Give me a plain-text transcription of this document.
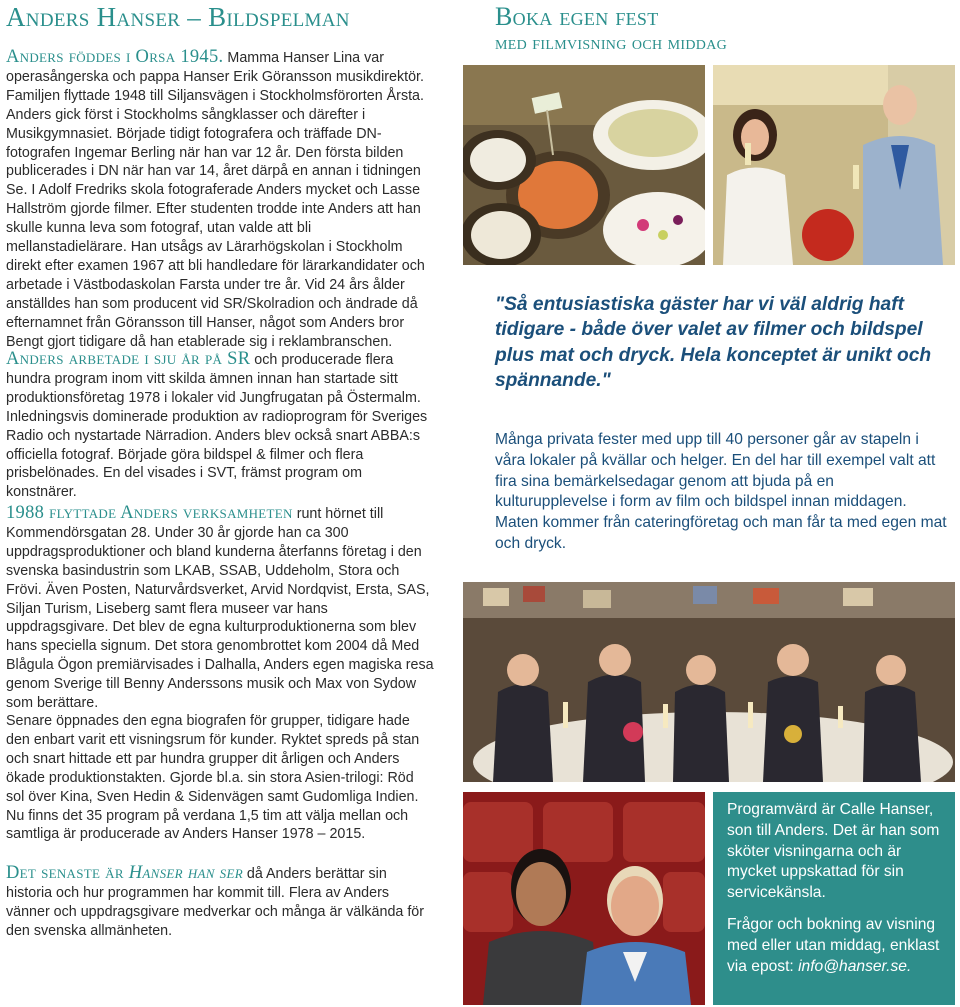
Anders Hanser – Bildspelman

Anders föddes i Orsa 1945. Mamma Hanser Lina var operasångerska och pappa Hanser Erik Göransson musikdirektör. Familjen flyttade 1948 till Siljansvägen i Stockholmsförorten Årsta. Anders gick först i Stockholms sångklasser och därefter i Musikgymnasiet. Började tidigt fotografera och träffade DN-fotografen Ingemar Berling när han var 12 år. Den första bilden publicerades i DN när han var 14, året därpå en annan i tidningen Se. I Adolf Fredriks skola fotograferade Anders mycket och Lasse Hallström gjorde filmer. Efter studenten trodde inte Anders att han skulle kunna leva som fotograf, utan valde att bli mellanstadielärare. Han utsågs av Lärarhögskolan i Stockholm direkt efter examen 1967 att bli handledare för lärarkandidater och arbetade i Västbodaskolan Farsta under tre år. Vid 24 års ålder anställdes han som producent vid SR/Skolradion och ändrade då efternamnet från Göransson till Hanser, något som Anders bror Bengt gjort tidigare då han etablerade sig i reklambranschen.

Anders arbetade i sju år på SR och producerade flera hundra program inom vitt skilda ämnen innan han startade sitt produktionsföretag 1978 i lokaler vid Jungfrugatan på Östermalm. Inledningsvis dominerade produktion av radioprogram för Sveriges Radio och nystartade Närradion. Anders blev också snart ABBA:s officiella fotograf. Började göra bildspel & filmer och flera prisbelönades. En del visades i SVT, främst program om konstnärer.

1988 flyttade Anders verksamheten runt hörnet till Kommendörsgatan 28. Under 30 år gjorde han ca 300 uppdragsproduktioner och bland kunderna återfanns företag i den svenska basindustrin som LKAB, SSAB, Uddeholm, Stora och Frövi. Även Posten, Naturvårdsverket, Arvid Nordqvist, Ersta, SAS, Siljan Turism, Liseberg samt flera museer var hans uppdragsgivare. Det blev de egna kulturproduktionerna som blev hans speciella signum. Det stora genombrottet kom 2004 då Med Blågula Ögon premiärvisades i Dalhalla, Anders egen magiska resa genom Sverige till Benny Anderssons musik och Max von Sydow som berättare.

Senare öppnades den egna biografen för grupper, tidigare hade den enbart varit ett visningsrum för kunder. Ryktet spreds på stan och snart hittade ett par hundra grupper dit årligen och Anders ökade produktionstakten. Gjorde bl.a. sin stora Asien-trilogi: Röd sol över Kina, Sven Hedin & Sidenvägen samt Gudomliga Indien. Nu finns det 35 program på verdana 1,5 tim att välja mellan och samtliga är producerade av Anders Hanser 1978 – 2015.

Det senaste är Hanser han ser då Anders berättar sin historia och hur programmen har kommit till. Flera av Anders vänner och uppdragsgivare medverkar och många är välkända för den svenska allmänheten.

Boka egen fest
med filmvisning och middag

"Så entusiastiska gäster har vi väl aldrig haft tidigare - både över valet av filmer och bildspel plus mat och dryck. Hela konceptet är unikt och spännande."

Många privata fester med upp till 40 personer går av stapeln i våra lokaler på kvällar och helger. En del har till exempel valt att fira sina bemärkelsedagar genom att bjuda på en kulturupplevelse i form av film och bildspel innan middagen. Maten kommer från cateringföretag och man får ta med egen mat och dryck.

Programvärd är Calle Hanser, son till Anders. Det är han som sköter visningarna och är mycket uppskattad för sin servicekänsla.

Frågor och bokning av visning med eller utan middag, enklast via epost: info@hanser.se.
